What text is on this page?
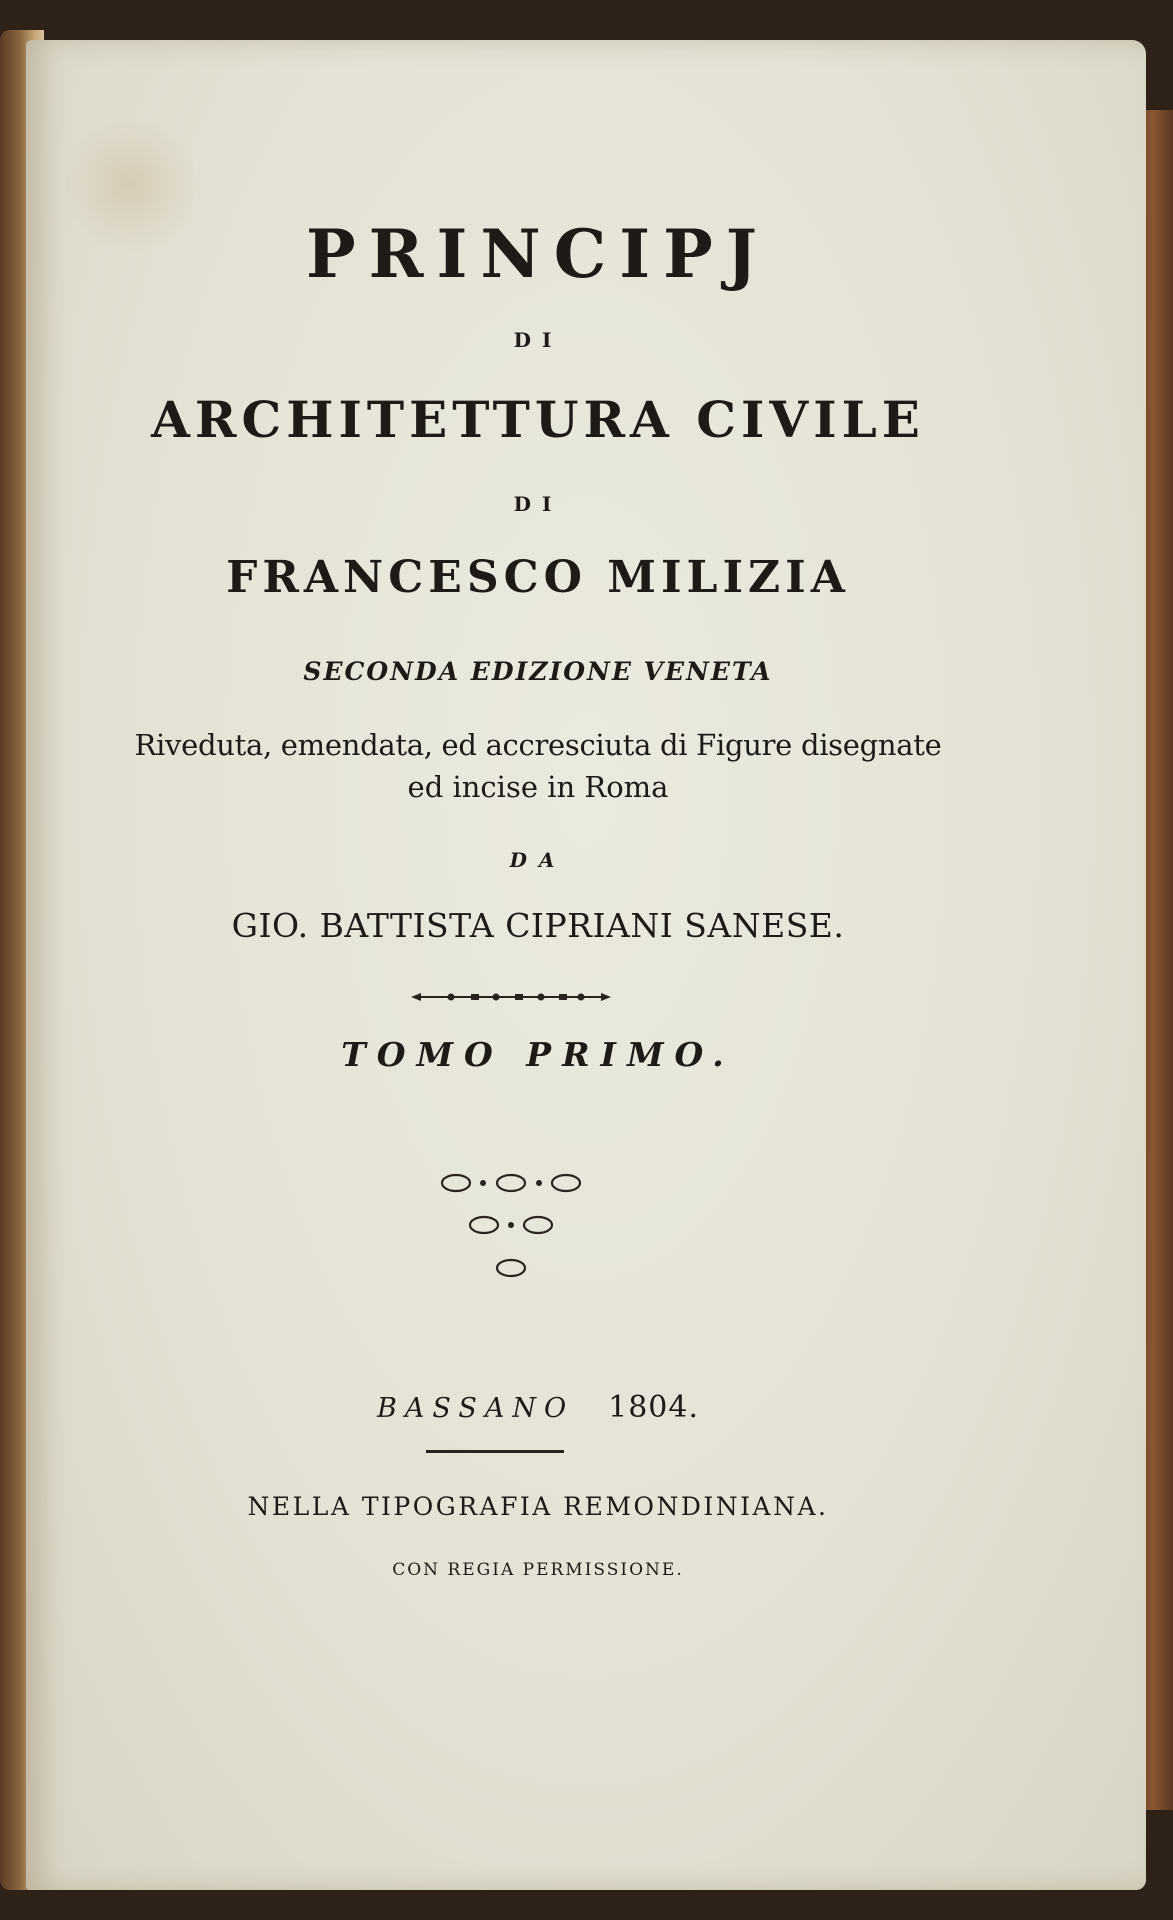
PRINCIPJ
DI
ARCHITETTURA CIVILE
DI
FRANCESCO MILIZIA
SECONDA EDIZIONE VENETA
Riveduta, emendata, ed accresciuta di Figure disegnate
ed incise in Roma
DA
GIO. BATTISTA CIPRIANI SANESE.
TOMO PRIMO.
BASSANO 1804.
NELLA TIPOGRAFIA REMONDINIANA.
CON REGIA PERMISSIONE.
